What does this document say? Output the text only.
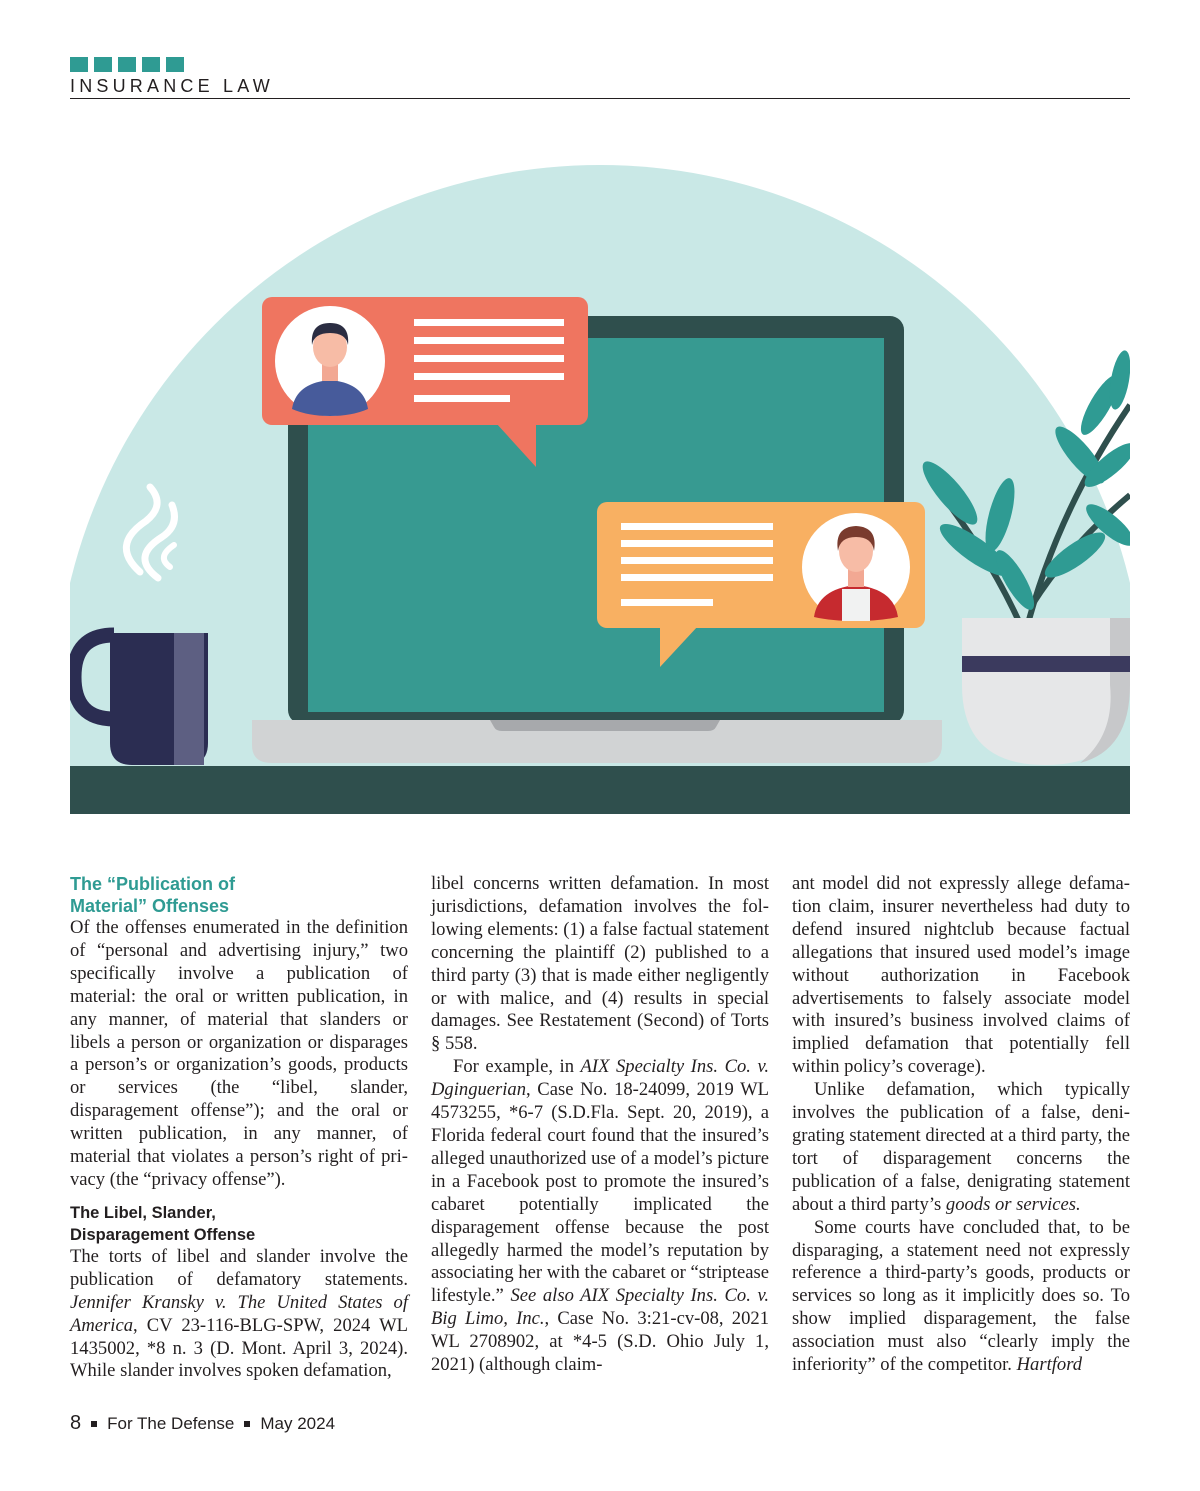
INSURANCE LAW
The “Publication of
Material” Offenses

Of the offenses enumerated in the definition of “personal and advertising injury,” two specifically involve a publication of material: the oral or written publication, in any manner, of material that slanders or libels a person or organization or disparages a person’s or organization’s goods, products or services (the “libel, slander, disparagement offense”); and the oral or written publication, in any manner, of material that violates a person’s right of privacy (the “privacy offense”).

The Libel, Slander,
Disparagement Offense

The torts of libel and slander involve the publication of defamatory statements. Jennifer Kransky v. The United States of America, CV 23-116-BLG-SPW, 2024 WL 1435002, *8 n. 3 (D. Mont. April 3, 2024). While slander involves spoken defamation,

libel concerns written defamation. In most jurisdictions, defamation involves the following elements: (1) a false factual statement concerning the plaintiff (2) published to a third party (3) that is made either negligently or with malice, and (4) results in special damages. See Restatement (Second) of Torts § 558.

For example, in AIX Specialty Ins. Co. v. Dginguerian, Case No. 18-24099, 2019 WL 4573255, *6-7 (S.D.Fla. Sept. 20, 2019), a Florida federal court found that the insured’s alleged unauthorized use of a model’s picture in a Facebook post to promote the insured’s cabaret potentially implicated the disparagement offense because the post allegedly harmed the model’s reputation by associating her with the cabaret or “striptease lifestyle.” See also AIX Specialty Ins. Co. v. Big Limo, Inc., Case No. 3:21-cv-08, 2021 WL 2708902, at *4-5 (S.D. Ohio July 1, 2021) (although claim-

ant model did not expressly allege defamation claim, insurer nevertheless had duty to defend insured nightclub because factual allegations that insured used model’s image without authorization in Facebook advertisements to falsely associate model with insured’s business involved claims of implied defamation that potentially fell within policy’s coverage).

Unlike defamation, which typically involves the publication of a false, denigrating statement directed at a third party, the tort of disparagement concerns the publication of a false, denigrating statement about a third party’s goods or services.

Some courts have concluded that, to be disparaging, a statement need not expressly reference a third-party’s goods, products or services so long as it implicitly does so. To show implied disparagement, the false association must also “clearly imply the inferiority” of the competitor. Hartford

8 For The Defense May 2024
